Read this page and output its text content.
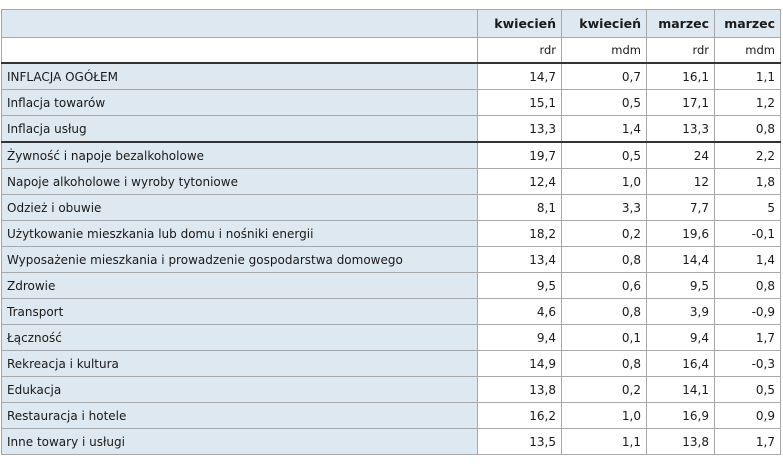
	kwiecień	kwiecień	marzec	marzec
	rdr	mdm	rdr	mdm
INFLACJA OGÓŁEM	14,7	0,7	16,1	1,1
Inflacja towarów	15,1	0,5	17,1	1,2
Inflacja usług	13,3	1,4	13,3	0,8
Żywność i napoje bezalkoholowe	19,7	0,5	24	2,2
Napoje alkoholowe i wyroby tytoniowe	12,4	1,0	12	1,8
Odzież i obuwie	8,1	3,3	7,7	5
Użytkowanie mieszkania lub domu i nośniki energii	18,2	0,2	19,6	-0,1
Wyposażenie mieszkania i prowadzenie gospodarstwa domowego	13,4	0,8	14,4	1,4
Zdrowie	9,5	0,6	9,5	0,8
Transport	4,6	0,8	3,9	-0,9
Łączność	9,4	0,1	9,4	1,7
Rekreacja i kultura	14,9	0,8	16,4	-0,3
Edukacja	13,8	0,2	14,1	0,5
Restauracja i hotele	16,2	1,0	16,9	0,9
Inne towary i usługi	13,5	1,1	13,8	1,7
